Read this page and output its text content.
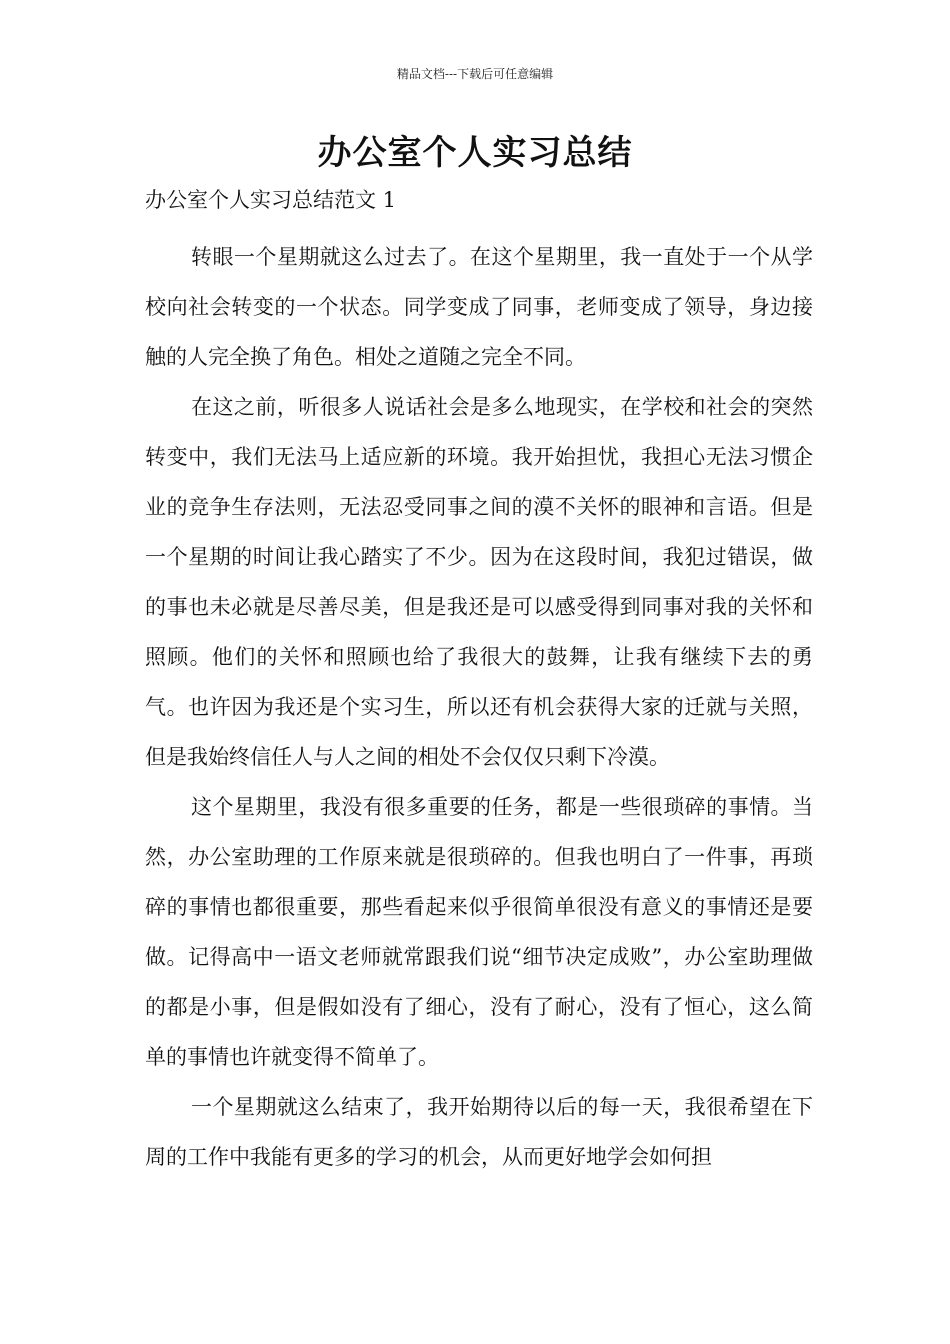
精品文档---下载后可任意编辑
办公室个人实习总结
办公室个人实习总结范文 1

转眼一个星期就这么过去了。在这个星期里，我一直处于一个从学校向社会转变的一个状态。同学变成了同事，老师变成了领导，身边接触的人完全换了角色。相处之道随之完全不同。

在这之前，听很多人说话社会是多么地现实，在学校和社会的突然转变中，我们无法马上适应新的环境。我开始担忧，我担心无法习惯企业的竞争生存法则，无法忍受同事之间的漠不关怀的眼神和言语。但是一个星期的时间让我心踏实了不少。因为在这段时间，我犯过错误，做的事也未必就是尽善尽美，但是我还是可以感受得到同事对我的关怀和照顾。他们的关怀和照顾也给了我很大的鼓舞，让我有继续下去的勇气。也许因为我还是个实习生，所以还有机会获得大家的迁就与关照，但是我始终信任人与人之间的相处不会仅仅只剩下冷漠。

这个星期里，我没有很多重要的任务，都是一些很琐碎的事情。当然，办公室助理的工作原来就是很琐碎的。但我也明白了一件事，再琐碎的事情也都很重要，那些看起来似乎很简单很没有意义的事情还是要做。记得高中一语文老师就常跟我们说“细节决定成败”，办公室助理做的都是小事，但是假如没有了细心，没有了耐心，没有了恒心，这么简单的事情也许就变得不简单了。

一个星期就这么结束了，我开始期待以后的每一天，我很希望在下周的工作中我能有更多的学习的机会，从而更好地学会如何担
